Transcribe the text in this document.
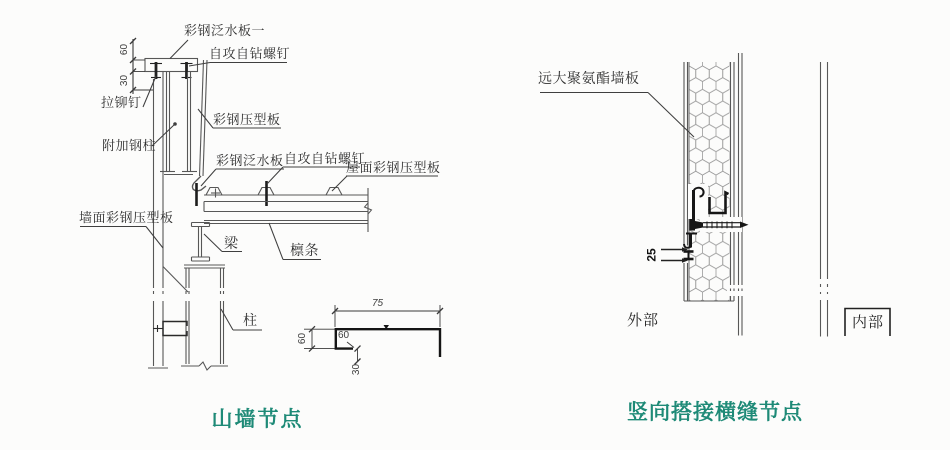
彩钢泛水板一
自攻自钻螺钉
拉铆钉
彩钢压型板
附加钢柱
彩钢泛水板 自攻自钻螺钉
屋面彩钢压型板
墙面彩钢压型板
梁	檩条
柱
60
30
75
60	60
30
远大聚氨酯墙板
外部	内部
25
山墙节点	竖向搭接横缝节点
